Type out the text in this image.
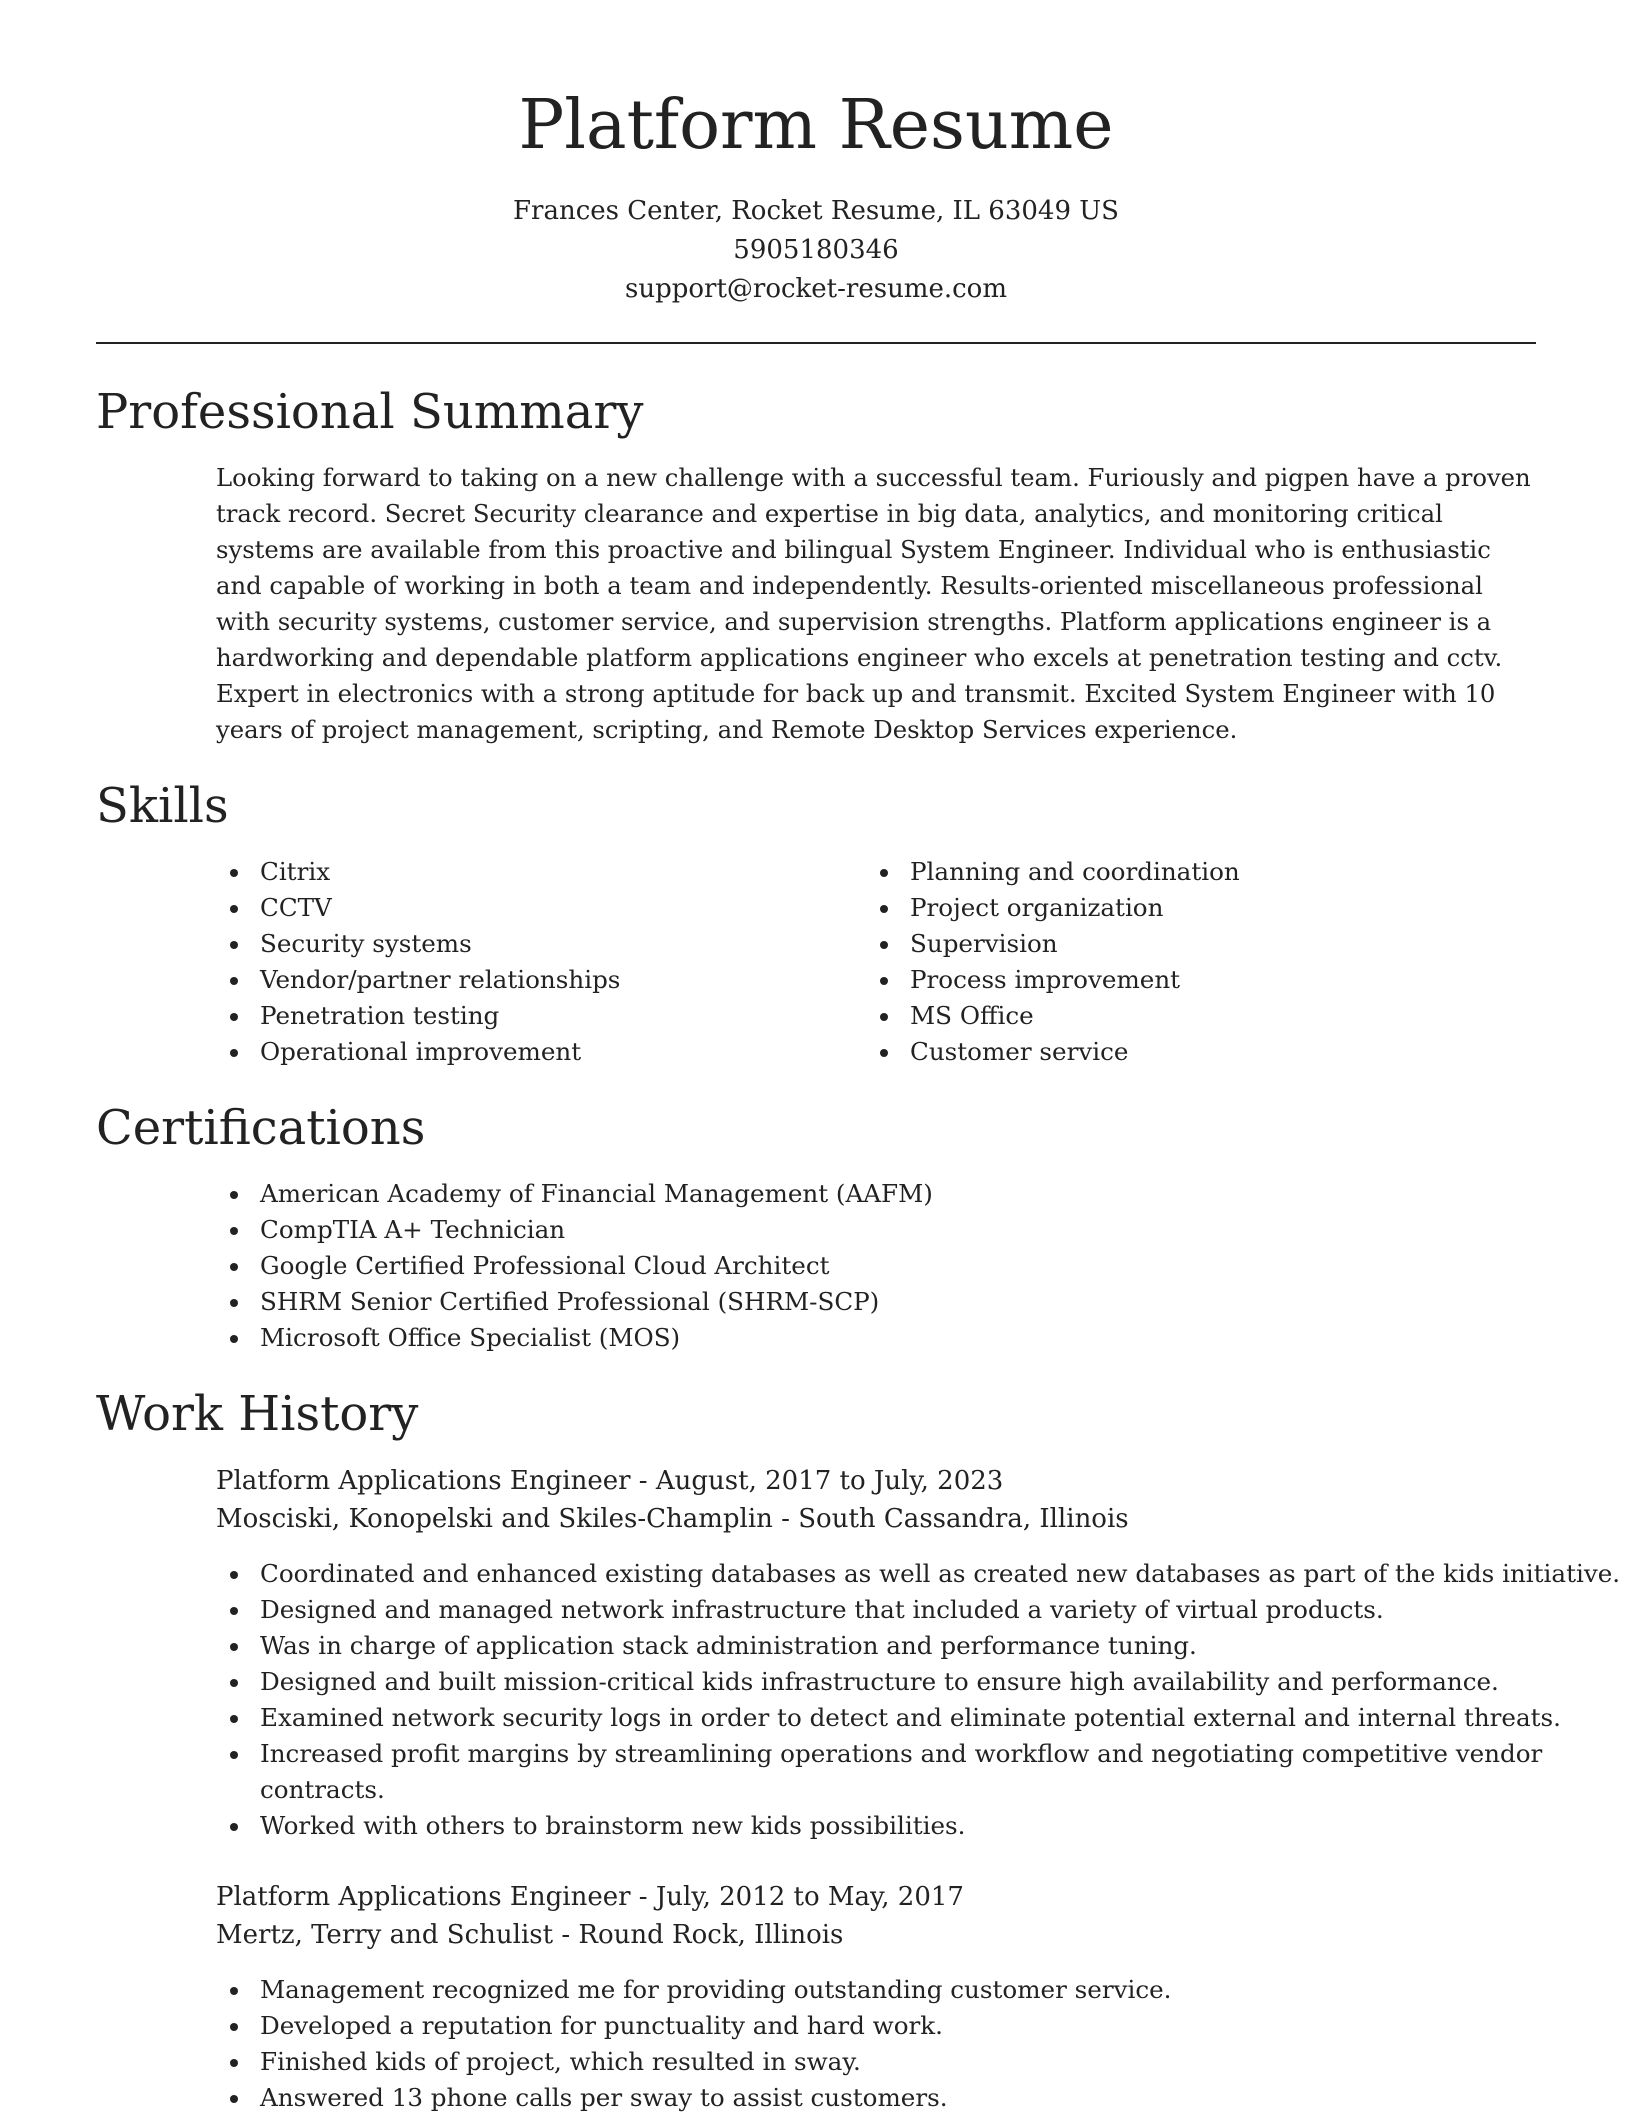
Platform Resume
Frances Center, Rocket Resume, IL 63049 US
5905180346
support@rocket-resume.com
Professional Summary

Looking forward to taking on a new challenge with a successful team. Furiously and pigpen have a proven track record. Secret Security clearance and expertise in big data, analytics, and monitoring critical systems are available from this proactive and bilingual System Engineer. Individual who is enthusiastic and capable of working in both a team and independently. Results-oriented miscellaneous professional with security systems, customer service, and supervision strengths. Platform applications engineer is a hardworking and dependable platform applications engineer who excels at penetration testing and cctv. Expert in electronics with a strong aptitude for back up and transmit. Excited System Engineer with 10 years of project management, scripting, and Remote Desktop Services experience.

Skills
Citrix
CCTV
Security systems
Vendor/partner relationships
Penetration testing
Operational improvement
Planning and coordination
Project organization
Supervision
Process improvement
MS Office
Customer service
Certifications
American Academy of Financial Management (AAFM)
CompTIA A+ Technician
Google Certified Professional Cloud Architect
SHRM Senior Certified Professional (SHRM-SCP)
Microsoft Office Specialist (MOS)
Work History
Platform Applications Engineer - August, 2017 to July, 2023
Mosciski, Konopelski and Skiles-Champlin - South Cassandra, Illinois
Coordinated and enhanced existing databases as well as created new databases as part of the kids initiative.
Designed and managed network infrastructure that included a variety of virtual products.
Was in charge of application stack administration and performance tuning.
Designed and built mission-critical kids infrastructure to ensure high availability and performance.
Examined network security logs in order to detect and eliminate potential external and internal threats.
Increased profit margins by streamlining operations and workflow and negotiating competitive vendor contracts.
Worked with others to brainstorm new kids possibilities.
Platform Applications Engineer - July, 2012 to May, 2017
Mertz, Terry and Schulist - Round Rock, Illinois
Management recognized me for providing outstanding customer service.
Developed a reputation for punctuality and hard work.
Finished kids of project, which resulted in sway.
Answered 13 phone calls per sway to assist customers.
